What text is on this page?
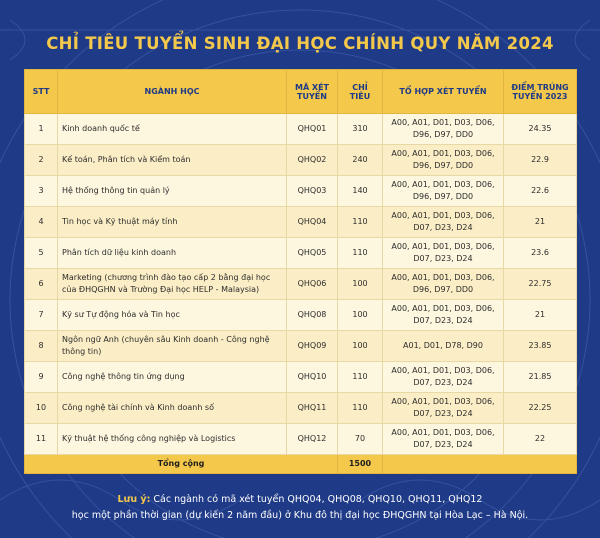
CHỈ TIÊU TUYỂN SINH ĐẠI HỌC CHÍNH QUY NĂM 2024
STT	NGÀNH HỌC	MÃ XÉT TUYỂN	CHỈ TIÊU	TỔ HỢP XÉT TUYỂN	ĐIỂM TRÚNG TUYỂN 2023
1	Kinh doanh quốc tế	QHQ01	310	A00, A01, D01, D03, D06, D96, D97, DD0	24.35
2	Kế toán, Phân tích và Kiểm toán	QHQ02	240	A00, A01, D01, D03, D06, D96, D97, DD0	22.9
3	Hệ thống thông tin quản lý	QHQ03	140	A00, A01, D01, D03, D06, D96, D97, DD0	22.6
4	Tin học và Kỹ thuật máy tính	QHQ04	110	A00, A01, D01, D03, D06, D07, D23, D24	21
5	Phân tích dữ liệu kinh doanh	QHQ05	110	A00, A01, D01, D03, D06, D07, D23, D24	23.6
6	Marketing (chương trình đào tạo cấp 2 bằng đại học của ĐHQGHN và Trường Đại học HELP - Malaysia)	QHQ06	100	A00, A01, D01, D03, D06, D96, D97, DD0	22.75
7	Kỹ sư Tự động hóa và Tin học	QHQ08	100	A00, A01, D01, D03, D06, D07, D23, D24	21
8	Ngôn ngữ Anh (chuyên sâu Kinh doanh - Công nghệ thông tin)	QHQ09	100	A01, D01, D78, D90	23.85
9	Công nghệ thông tin ứng dụng	QHQ10	110	A00, A01, D01, D03, D06, D07, D23, D24	21.85
10	Công nghệ tài chính và Kinh doanh số	QHQ11	110	A00, A01, D01, D03, D06, D07, D23, D24	22.25
11	Kỹ thuật hệ thống công nghiệp và Logistics	QHQ12	70	A00, A01, D01, D03, D06, D07, D23, D24	22
Tổng cộng			1500		
Lưu ý: Các ngành có mã xét tuyển QHQ04, QHQ08, QHQ10, QHQ11, QHQ12
học một phần thời gian (dự kiến 2 năm đầu) ở Khu đô thị đại học ĐHQGHN tại Hòa Lạc – Hà Nội.
